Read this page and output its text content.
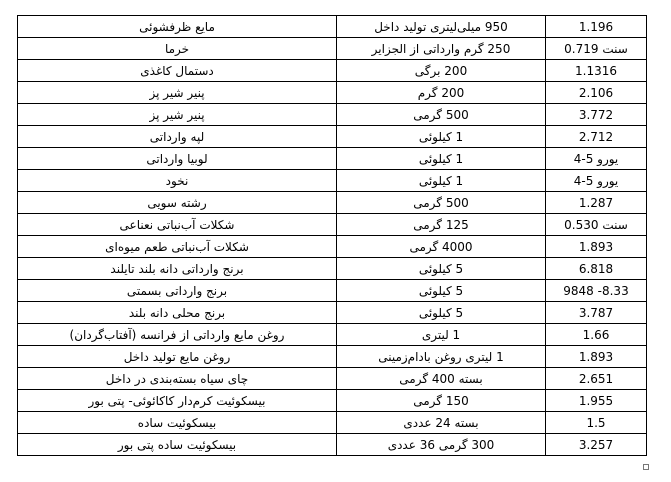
مایع ظرفشوئی	950 میلی‌لیتری تولید داخل	1.196
خرما	250 گرم وارداتی از الجزایر	سنت 0.719
دستمال کاغذی	200 برگی	1.1316
پنیر شیر پز	200 گرم	2.106
پنیر شیر پز	500 گرمی	3.772
لپه وارداتی	1 کیلوئی	2.712
لوبیا وارداتی	1 کیلوئی	یورو 5-4
نخود	1 کیلوئی	یورو 5-4
رشته سویی	500 گرمی	1.287
شکلات آب‌نباتی نعناعی	125 گرمی	سنت 0.530
شکلات آب‌نباتی طعم میوه‌ای	4000 گرمی	1.893
برنج وارداتی دانه بلند تایلند	5 کیلوئی	6.818
برنج وارداتی بسمتی	5 کیلوئی	8.33- 9848
برنج محلی دانه بلند	5 کیلوئی	3.787
روغن مایع وارداتی از فرانسه (آفتاب‌گردان)	1 لیتری	1.66
روغن مایع تولید داخل	1 لیتری روغن بادام‌زمینی	1.893
چای سیاه بسته‌بندی در داخل	بسته 400 گرمی	2.651
بیسکوئیت کرم‌دار کاکائوئی- پتی بور	150 گرمی	1.955
بیسکوئیت ساده	بسته 24 عددی	1.5
بیسکوئیت ساده پتی بور	300 گرمی 36 عددی	3.257
